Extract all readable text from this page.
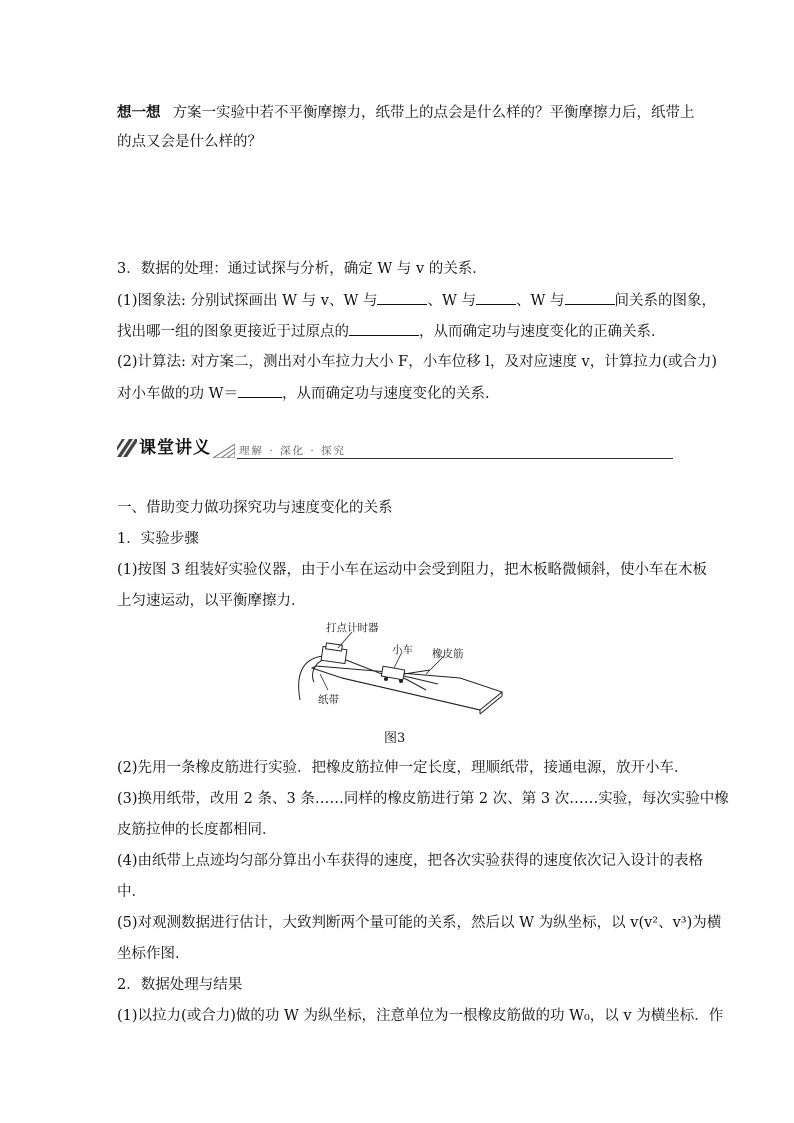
想一想 方案一实验中若不平衡摩擦力，纸带上的点会是什么样的？平衡摩擦力后，纸带上
的点又会是什么样的？
3．数据的处理：通过试探与分析，确定 W 与 v 的关系．
(1)图象法: 分别试探画出 W 与 v、W 与	、W 与	、W 与	间关系的图象，
找出哪一组的图象更接近于过原点的	，从而确定功与速度变化的正确关系．
(2)计算法: 对方案二，测出对小车拉力大小 F，小车位移 l，及对应速度 v，计算拉力(或合力)
对小车做的功 W＝	，从而确定功与速度变化的关系.
课堂讲义	理解 · 深化 · 探究
一、借助变力做功探究功与速度变化的关系
1．实验步骤
(1)按图 3 组装好实验仪器，由于小车在运动中会受到阻力，把木板略微倾斜，使小车在木板
上匀速运动，以平衡摩擦力．
打点计时器
小车 橡皮筋
纸带
图3
(2)先用一条橡皮筋进行实验．把橡皮筋拉伸一定长度，理顺纸带，接通电源，放开小车．
(3)换用纸带，改用 2 条、3 条……同样的橡皮筋进行第 2 次、第 3 次……实验，每次实验中橡
皮筋拉伸的长度都相同．
(4)由纸带上点迹均匀部分算出小车获得的速度，把各次实验获得的速度依次记入设计的表格
中．
(5)对观测数据进行估计，大致判断两个量可能的关系，然后以 W 为纵坐标，以 v(v²、v³)为横
坐标作图．
2．数据处理与结果
(1)以拉力(或合力)做的功 W 为纵坐标，注意单位为一根橡皮筋做的功 W₀，以 v 为横坐标．作
